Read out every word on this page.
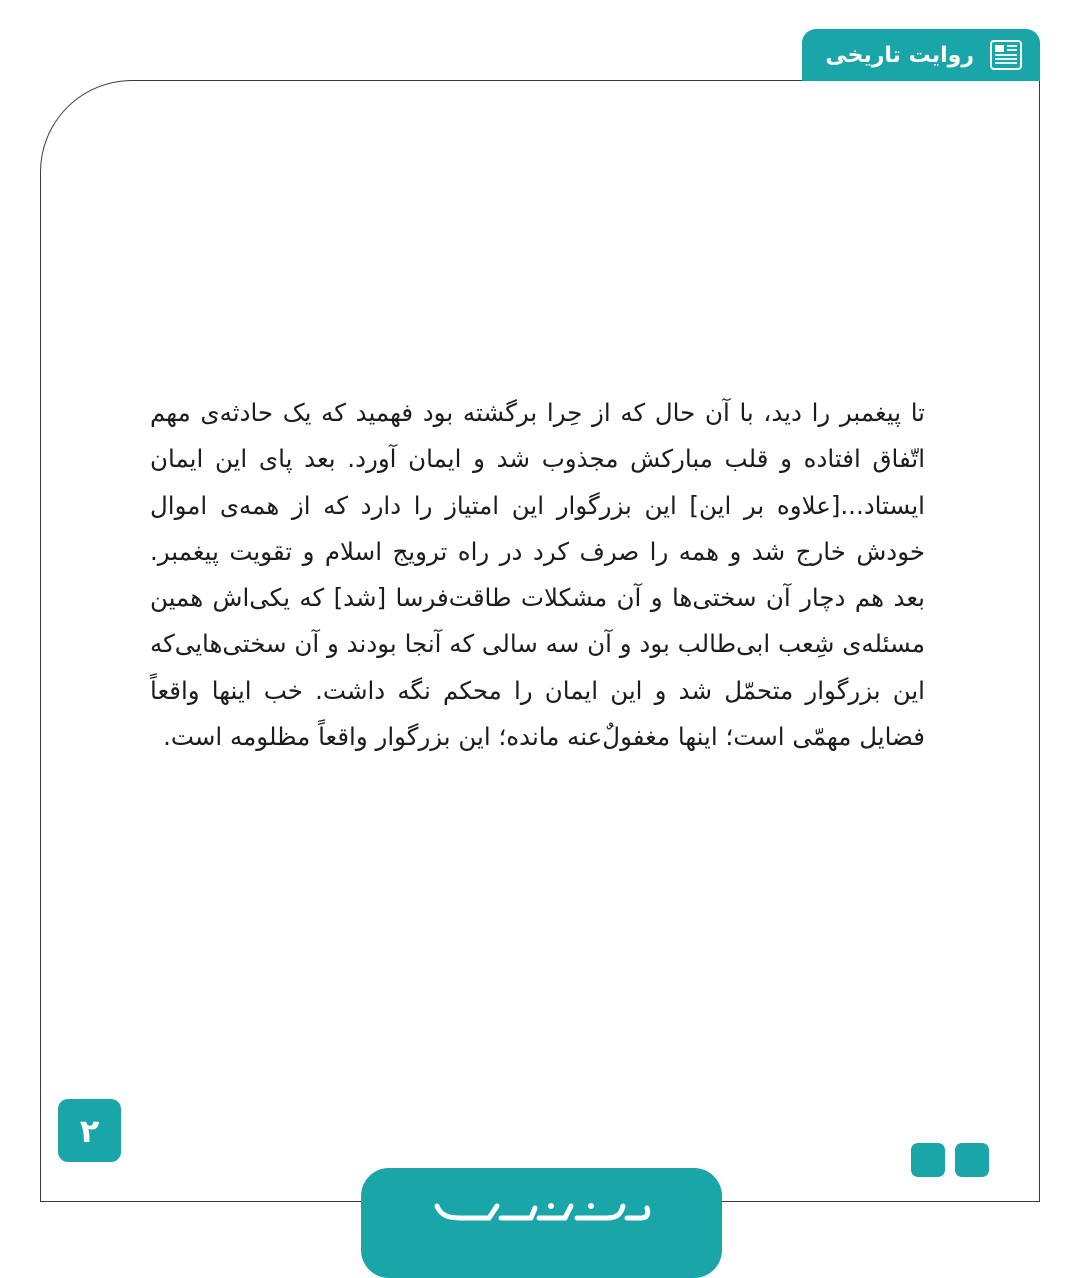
روایت تاریخی

تا پیغمبر را دید، با آن حال که از حِرا برگشته بود فهمید که یک حادثه‌ی مهم اتّفاق افتاده و قلب مبارکش مجذوب شد و ایمان آورد. بعد پای این ایمان ایستاد...[علاوه بر این] این بزرگوار این امتیاز را دارد که از همه‌ی اموال خودش خارج شد و همه را صرف کرد در راه ترویج اسلام و تقویت پیغمبر. بعد هم دچار آن سختی‌ها و آن مشکلات طاقت‌فرسا [شد] که یکی‌اش همین مسئله‌ی شِعب ابی‌طالب بود و آن سه سالی که آنجا بودند و آن سختی‌هایی‌که این بزرگوار متحمّل شد و این ایمان را محکم نگه داشت. خب اینها واقعاً فضایل مهمّی است؛ اینها مغفولٌ‌عنه مانده؛ این بزرگوار واقعاً مظلومه است.

۲
